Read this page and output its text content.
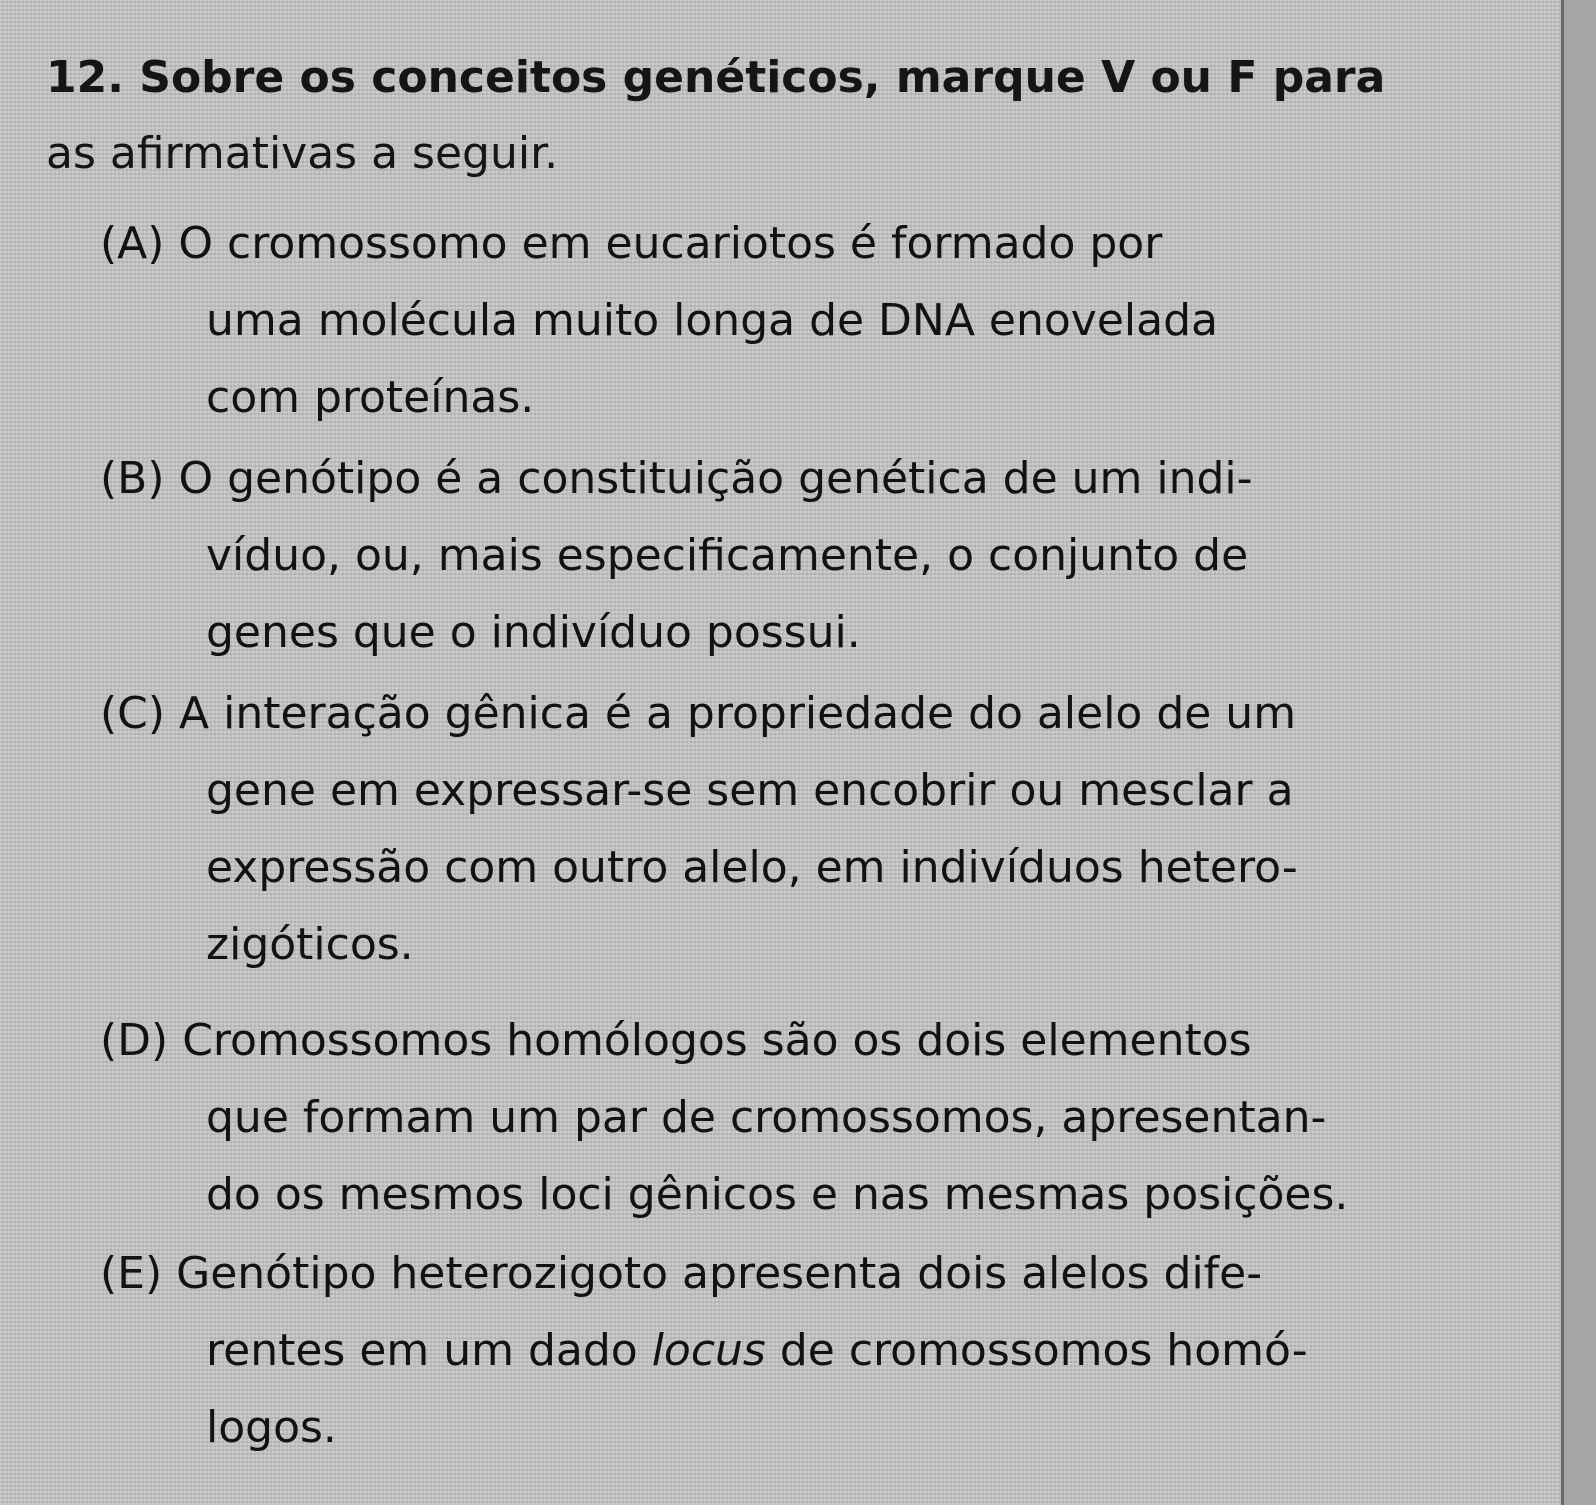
12. Sobre os conceitos genéticos, marque V ou F para
as afirmativas a seguir.
(A) O cromossomo em eucariotos é formado por
uma molécula muito longa de DNA enovelada
com proteínas.
(B) O genótipo é a constituição genética de um indi-
víduo, ou, mais especificamente, o conjunto de
genes que o indivíduo possui.
(C) A interação gênica é a propriedade do alelo de um
gene em expressar-se sem encobrir ou mesclar a
expressão com outro alelo, em indivíduos hetero-
zigóticos.
(D) Cromossomos homólogos são os dois elementos
que formam um par de cromossomos, apresentan-
do os mesmos loci gênicos e nas mesmas posições.
(E) Genótipo heterozigoto apresenta dois alelos dife-
rentes em um dado locus de cromossomos homó-
logos.
